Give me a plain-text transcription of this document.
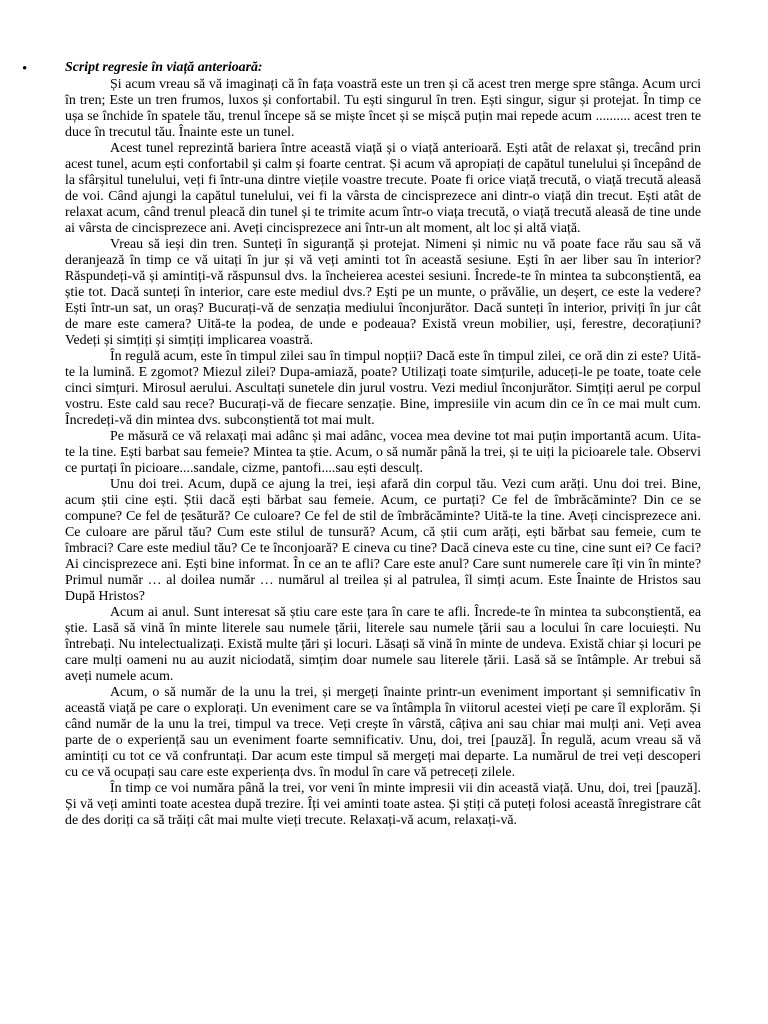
•	Script regresie în viață anterioară:

Și acum vreau să vă imaginați că în fața voastră este un tren și că acest tren merge spre stânga. Acum urci în tren; Este un tren frumos, luxos și confortabil. Tu ești singurul în tren. Ești singur, sigur și protejat. În timp ce ușa se închide în spatele tău, trenul începe să se miște încet și se mișcă puțin mai repede acum .......... acest tren te duce în trecutul tău. Înainte este un tunel.

Acest tunel reprezintă bariera între această viață și o viață anterioară. Ești atât de relaxat și, trecând prin acest tunel, acum ești confortabil și calm și foarte centrat. Și acum vă apropiați de capătul tunelului și începând de la sfârșitul tunelului, veți fi într-una dintre viețile voastre trecute. Poate fi orice viață trecută, o viață trecută aleasă de voi. Când ajungi la capătul tunelului, vei fi la vârsta de cincisprezece ani dintr-o viață din trecut. Ești atât de relaxat acum, când trenul pleacă din tunel și te trimite acum într-o viața trecută, o viață trecută aleasă de tine unde ai vârsta de cincisprezece ani. Aveți cincisprezece ani într-un alt moment, alt loc și altă viață.

Vreau să ieși din tren. Sunteți în siguranță și protejat. Nimeni și nimic nu vă poate face rău sau să vă deranjează în timp ce vă uitați în jur și vă veți aminti tot în această sesiune. Ești în aer liber sau în interior? Răspundeți-vă și amintiți-vă răspunsul dvs. la încheierea acestei sesiuni. Încrede-te în mintea ta subconștientă, ea știe tot. Dacă sunteți în interior, care este mediul dvs.? Ești pe un munte, o prăvălie, un deșert, ce este la vedere? Ești într-un sat, un oraș? Bucurați-vă de senzația mediului înconjurător. Dacă sunteți în interior, priviți în jur cât de mare este camera? Uită-te la podea, de unde e podeaua? Există vreun mobilier, uși, ferestre, decorațiuni? Vedeți și simțiți și simțiți implicarea voastră.

În regulă acum, este în timpul zilei sau în timpul nopții? Dacă este în timpul zilei, ce oră din zi este? Uită-te la lumină. E zgomot? Miezul zilei? Dupa-amiază, poate? Utilizați toate simțurile, aduceți-le pe toate, toate cele cinci simțuri. Mirosul aerului. Ascultați sunetele din jurul vostru. Vezi mediul înconjurător. Simțiți aerul pe corpul vostru. Este cald sau rece? Bucurați-vă de fiecare senzație. Bine, impresiile vin acum din ce în ce mai mult cum. Încredeți-vă din mintea dvs. subconștientă tot mai mult.

Pe măsură ce vă relaxați mai adânc și mai adânc, vocea mea devine tot mai puțin importantă acum. Uita-te la tine. Ești barbat sau femeie? Mintea ta știe. Acum, o să număr până la trei, și te uiți la picioarele tale. Observi ce purtați în picioare....sandale, cizme, pantofi....sau ești desculț.

Unu doi trei. Acum, după ce ajung la trei, ieși afară din corpul tău. Vezi cum arăți. Unu doi trei. Bine, acum știi cine ești. Știi dacă ești bărbat sau femeie. Acum, ce purtați? Ce fel de îmbrăcăminte? Din ce se compune? Ce fel de țesătură? Ce culoare? Ce fel de stil de îmbrăcăminte? Uită-te la tine. Aveți cincisprezece ani. Ce culoare are părul tău? Cum este stilul de tunsură? Acum, că știi cum arăți, ești bărbat sau femeie, cum te îmbraci? Care este mediul tău? Ce te înconjoară? E cineva cu tine? Dacă cineva este cu tine, cine sunt ei? Ce faci? Ai cincisprezece ani. Ești bine informat. În ce an te afli? Care este anul? Care sunt numerele care îți vin în minte? Primul număr … al doilea număr … numărul al treilea și al patrulea, îl simți acum. Este Înainte de Hristos sau După Hristos?

Acum ai anul. Sunt interesat să știu care este țara în care te afli. Încrede-te în mintea ta subconștientă, ea știe. Lasă să vină în minte literele sau numele țării, literele sau numele țării sau a locului în care locuiești. Nu întrebați. Nu intelectualizați. Există multe țări și locuri. Lăsați să vină în minte de undeva. Există chiar și locuri pe care mulți oameni nu au auzit niciodată, simțim doar numele sau literele țării. Lasă să se întâmple. Ar trebui să aveți numele acum.

Acum, o să număr de la unu la trei, și mergeți înainte printr-un eveniment important și semnificativ în această viață pe care o explorați. Un eveniment care se va întâmpla în viitorul acestei vieți pe care îl explorăm. Și când număr de la unu la trei, timpul va trece. Veți crește în vârstă, câțiva ani sau chiar mai mulți ani. Veți avea parte de o experiență sau un eveniment foarte semnificativ. Unu, doi, trei [pauză]. În regulă, acum vreau să vă amintiți cu tot ce vă confruntați. Dar acum este timpul să mergeți mai departe. La numărul de trei veți descoperi cu ce vă ocupați sau care este experiența dvs. în modul în care vă petreceți zilele.

În timp ce voi număra până la trei, vor veni în minte impresii vii din această viață. Unu, doi, trei [pauză]. Și vă veți aminti toate acestea după trezire. Îți vei aminti toate astea. Și știți că puteți folosi această înregistrare cât de des doriți ca să trăiți cât mai multe vieți trecute. Relaxați-vă acum, relaxați-vă.
